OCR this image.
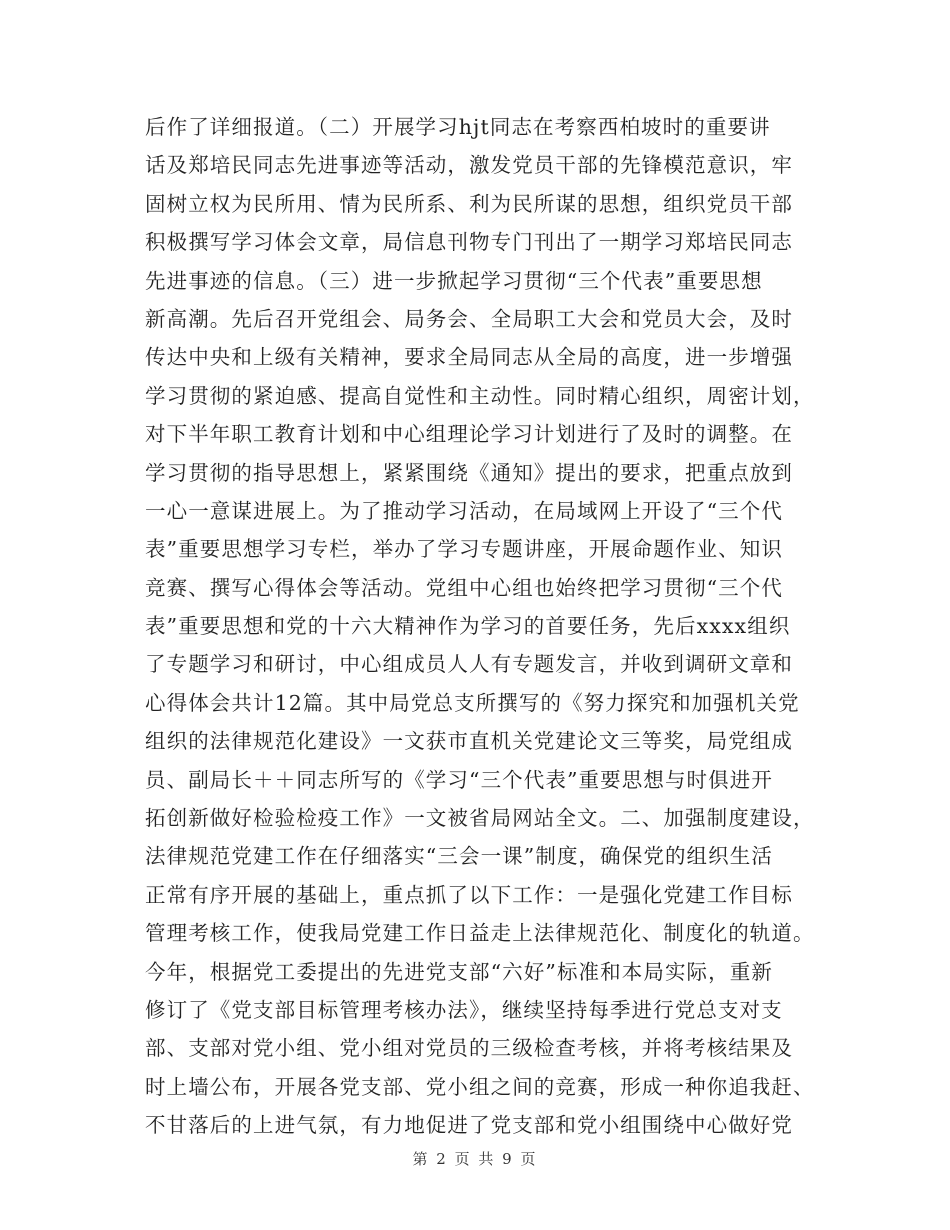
后作了详细报道。（二）开展学习hjt同志在考察西柏坡时的重要讲
话及郑培民同志先进事迹等活动，激发党员干部的先锋模范意识，牢
固树立权为民所用、情为民所系、利为民所谋的思想，组织党员干部
积极撰写学习体会文章，局信息刊物专门刊出了一期学习郑培民同志
先进事迹的信息。（三）进一步掀起学习贯彻“三个代表”重要思想
新高潮。先后召开党组会、局务会、全局职工大会和党员大会，及时
传达中央和上级有关精神，要求全局同志从全局的高度，进一步增强
学习贯彻的紧迫感、提高自觉性和主动性。同时精心组织，周密计划，
对下半年职工教育计划和中心组理论学习计划进行了及时的调整。在
学习贯彻的指导思想上，紧紧围绕《通知》提出的要求，把重点放到
一心一意谋进展上。为了推动学习活动，在局域网上开设了“三个代
表”重要思想学习专栏，举办了学习专题讲座，开展命题作业、知识
竞赛、撰写心得体会等活动。党组中心组也始终把学习贯彻“三个代
表”重要思想和党的十六大精神作为学习的首要任务，先后xxxx组织
了专题学习和研讨，中心组成员人人有专题发言，并收到调研文章和
心得体会共计12篇。其中局党总支所撰写的《努力探究和加强机关党
组织的法律规范化建设》一文获市直机关党建论文三等奖，局党组成
员、副局长＋＋同志所写的《学习“三个代表”重要思想与时俱进开
拓创新做好检验检疫工作》一文被省局网站全文。二、加强制度建设，
法律规范党建工作在仔细落实“三会一课”制度，确保党的组织生活
正常有序开展的基础上，重点抓了以下工作：一是强化党建工作目标
管理考核工作，使我局党建工作日益走上法律规范化、制度化的轨道。
今年，根据党工委提出的先进党支部“六好”标准和本局实际，重新
修订了《党支部目标管理考核办法》，继续坚持每季进行党总支对支
部、支部对党小组、党小组对党员的三级检查考核，并将考核结果及
时上墙公布，开展各党支部、党小组之间的竞赛，形成一种你追我赶、
不甘落后的上进气氛，有力地促进了党支部和党小组围绕中心做好党
第 2 页 共 9 页
